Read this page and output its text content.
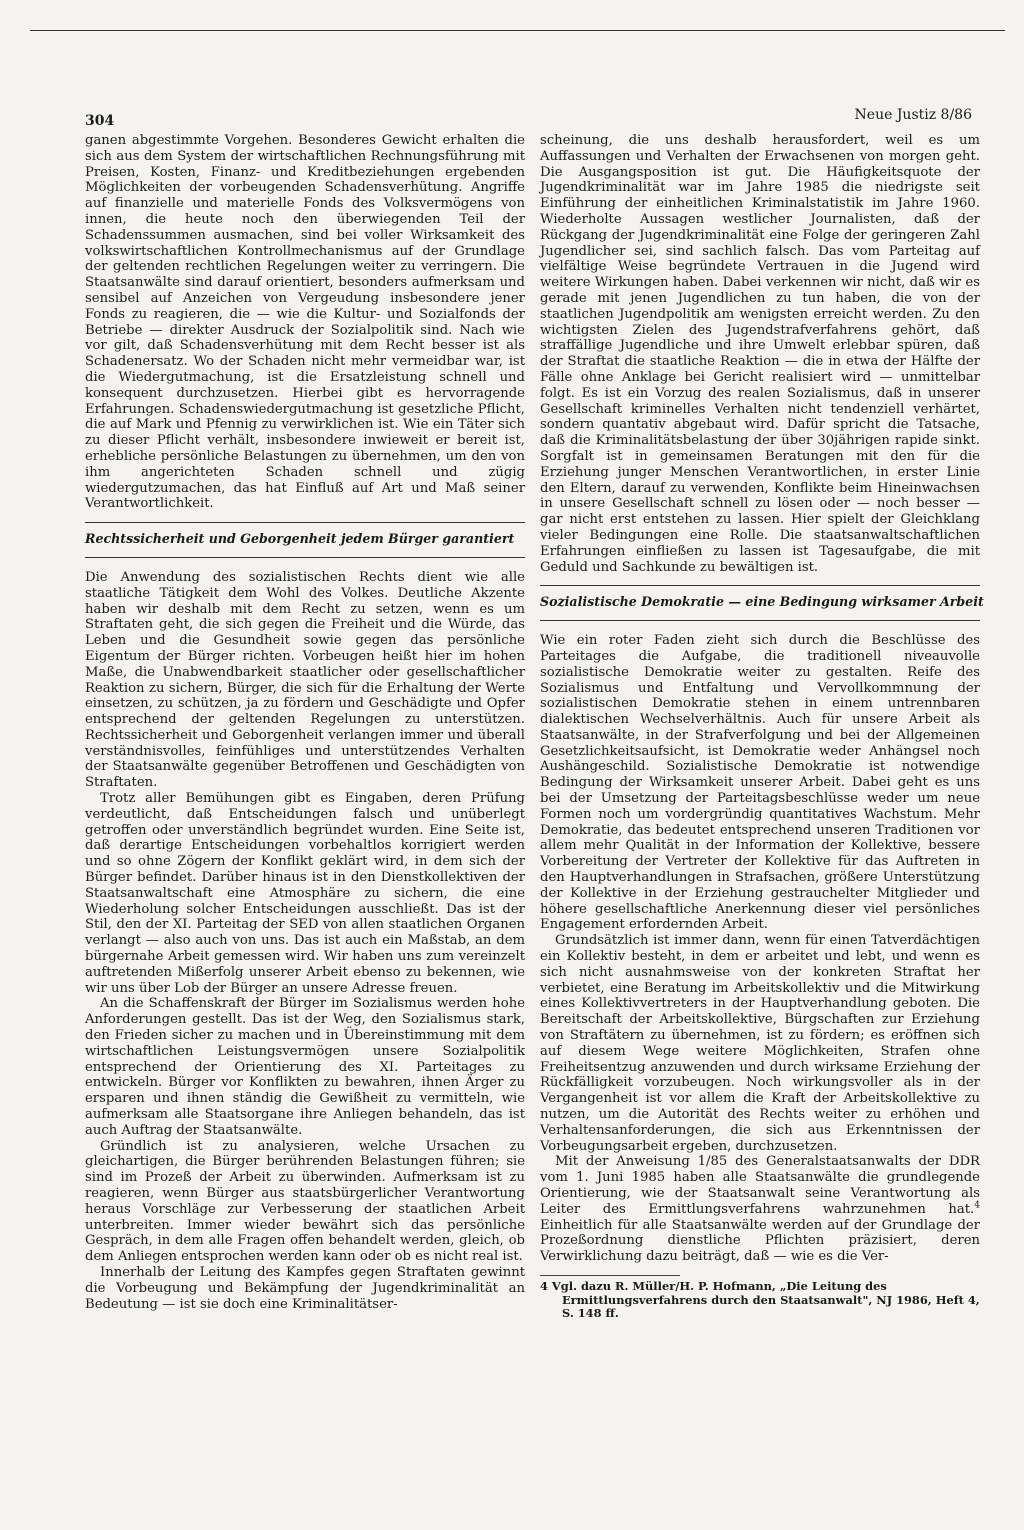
304	Neue Justiz 8/86

ganen abgestimmte Vorgehen. Besonderes Gewicht erhalten die sich aus dem System der wirtschaftlichen Rechnungsführung mit Preisen, Kosten, Finanz- und Kreditbeziehungen ergebenden Möglichkeiten der vorbeugenden Schadensverhütung. Angriffe auf finanzielle und materielle Fonds des Volksvermögens von innen, die heute noch den überwiegenden Teil der Schadenssummen ausmachen, sind bei voller Wirksamkeit des volkswirtschaftlichen Kontrollmechanismus auf der Grundlage der geltenden rechtlichen Regelungen weiter zu verringern. Die Staatsanwälte sind darauf orientiert, besonders aufmerksam und sensibel auf Anzeichen von Vergeudung insbesondere jener Fonds zu reagieren, die — wie die Kultur- und Sozialfonds der Betriebe — direkter Ausdruck der Sozialpolitik sind. Nach wie vor gilt, daß Schadensverhütung mit dem Recht besser ist als Schadenersatz. Wo der Schaden nicht mehr vermeidbar war, ist die Wiedergutmachung, ist die Ersatzleistung schnell und konsequent durchzusetzen. Hierbei gibt es hervorragende Erfahrungen. Schadenswiedergutmachung ist gesetzliche Pflicht, die auf Mark und Pfennig zu verwirklichen ist. Wie ein Täter sich zu dieser Pflicht verhält, insbesondere inwieweit er bereit ist, erhebliche persönliche Belastungen zu übernehmen, um den von ihm angerichteten Schaden schnell und zügig wiedergutzumachen, das hat Einfluß auf Art und Maß seiner Verantwortlichkeit.

Rechtssicherheit und Geborgenheit jedem Bürger garantiert

Die Anwendung des sozialistischen Rechts dient wie alle staatliche Tätigkeit dem Wohl des Volkes. Deutliche Akzente haben wir deshalb mit dem Recht zu setzen, wenn es um Straftaten geht, die sich gegen die Freiheit und die Würde, das Leben und die Gesundheit sowie gegen das persönliche Eigentum der Bürger richten. Vorbeugen heißt hier im hohen Maße, die Unabwendbarkeit staatlicher oder gesellschaftlicher Reaktion zu sichern, Bürger, die sich für die Erhaltung der Werte einsetzen, zu schützen, ja zu fördern und Geschädigte und Opfer entsprechend der geltenden Regelungen zu unterstützen. Rechtssicherheit und Geborgenheit verlangen immer und überall verständnisvolles, feinfühliges und unterstützendes Verhalten der Staatsanwälte gegenüber Betroffenen und Geschädigten von Straftaten.

Trotz aller Bemühungen gibt es Eingaben, deren Prüfung verdeutlicht, daß Entscheidungen falsch und unüberlegt getroffen oder unverständlich begründet wurden. Eine Seite ist, daß derartige Entscheidungen vorbehaltlos korrigiert werden und so ohne Zögern der Konflikt geklärt wird, in dem sich der Bürger befindet. Darüber hinaus ist in den Dienstkollektiven der Staatsanwaltschaft eine Atmosphäre zu sichern, die eine Wiederholung solcher Entscheidungen ausschließt. Das ist der Stil, den der XI. Parteitag der SED von allen staatlichen Organen verlangt — also auch von uns. Das ist auch ein Maßstab, an dem bürgernahe Arbeit gemessen wird. Wir haben uns zum vereinzelt auftretenden Mißerfolg unserer Arbeit ebenso zu bekennen, wie wir uns über Lob der Bürger an unsere Adresse freuen.

An die Schaffenskraft der Bürger im Sozialismus werden hohe Anforderungen gestellt. Das ist der Weg, den Sozialismus stark, den Frieden sicher zu machen und in Übereinstimmung mit dem wirtschaftlichen Leistungsvermögen unsere Sozialpolitik entsprechend der Orientierung des XI. Parteitages zu entwickeln. Bürger vor Konflikten zu bewahren, ihnen Ärger zu ersparen und ihnen ständig die Gewißheit zu vermitteln, wie aufmerksam alle Staatsorgane ihre Anliegen behandeln, das ist auch Auftrag der Staatsanwälte.

Gründlich ist zu analysieren, welche Ursachen zu gleichartigen, die Bürger berührenden Belastungen führen; sie sind im Prozeß der Arbeit zu überwinden. Aufmerksam ist zu reagieren, wenn Bürger aus staatsbürgerlicher Verantwortung heraus Vorschläge zur Verbesserung der staatlichen Arbeit unterbreiten. Immer wieder bewährt sich das persönliche Gespräch, in dem alle Fragen offen behandelt werden, gleich, ob dem Anliegen entsprochen werden kann oder ob es nicht real ist.

Innerhalb der Leitung des Kampfes gegen Straftaten gewinnt die Vorbeugung und Bekämpfung der Jugendkriminalität an Bedeutung — ist sie doch eine Kriminalitätser-

scheinung, die uns deshalb herausfordert, weil es um Auffassungen und Verhalten der Erwachsenen von morgen geht. Die Ausgangsposition ist gut. Die Häufigkeitsquote der Jugendkriminalität war im Jahre 1985 die niedrigste seit Einführung der einheitlichen Kriminalstatistik im Jahre 1960. Wiederholte Aussagen westlicher Journalisten, daß der Rückgang der Jugendkriminalität eine Folge der geringeren Zahl Jugendlicher sei, sind sachlich falsch. Das vom Parteitag auf vielfältige Weise begründete Vertrauen in die Jugend wird weitere Wirkungen haben. Dabei verkennen wir nicht, daß wir es gerade mit jenen Jugendlichen zu tun haben, die von der staatlichen Jugendpolitik am wenigsten erreicht werden. Zu den wichtigsten Zielen des Jugendstrafverfahrens gehört, daß straffällige Jugendliche und ihre Umwelt erlebbar spüren, daß der Straftat die staatliche Reaktion — die in etwa der Hälfte der Fälle ohne Anklage bei Gericht realisiert wird — unmittelbar folgt. Es ist ein Vorzug des realen Sozialismus, daß in unserer Gesellschaft kriminelles Verhalten nicht tendenziell verhärtet, sondern quantativ abgebaut wird. Dafür spricht die Tatsache, daß die Kriminalitätsbelastung der über 30jährigen rapide sinkt. Sorgfalt ist in gemeinsamen Beratungen mit den für die Erziehung junger Menschen Verantwortlichen, in erster Linie den Eltern, darauf zu verwenden, Konflikte beim Hineinwachsen in unsere Gesellschaft schnell zu lösen oder — noch besser — gar nicht erst entstehen zu lassen. Hier spielt der Gleichklang vieler Bedingungen eine Rolle. Die staatsanwaltschaftlichen Erfahrungen einfließen zu lassen ist Tagesaufgabe, die mit Geduld und Sachkunde zu bewältigen ist.

Sozialistische Demokratie — eine Bedingung wirksamer Arbeit

Wie ein roter Faden zieht sich durch die Beschlüsse des Parteitages die Aufgabe, die traditionell niveauvolle sozialistische Demokratie weiter zu gestalten. Reife des Sozialismus und Entfaltung und Vervollkommnung der sozialistischen Demokratie stehen in einem untrennbaren dialektischen Wechselverhältnis. Auch für unsere Arbeit als Staatsanwälte, in der Strafverfolgung und bei der Allgemeinen Gesetzlichkeitsaufsicht, ist Demokratie weder Anhängsel noch Aushängeschild. Sozialistische Demokratie ist notwendige Bedingung der Wirksamkeit unserer Arbeit. Dabei geht es uns bei der Umsetzung der Parteitagsbeschlüsse weder um neue Formen noch um vordergründig quantitatives Wachstum. Mehr Demokratie, das bedeutet entsprechend unseren Traditionen vor allem mehr Qualität in der Information der Kollektive, bessere Vorbereitung der Vertreter der Kollektive für das Auftreten in den Hauptverhandlungen in Strafsachen, größere Unterstützung der Kollektive in der Erziehung gestrauchelter Mitglieder und höhere gesellschaftliche Anerkennung dieser viel persönliches Engagement erfordernden Arbeit.

Grundsätzlich ist immer dann, wenn für einen Tatverdächtigen ein Kollektiv besteht, in dem er arbeitet und lebt, und wenn es sich nicht ausnahmsweise von der konkreten Straftat her verbietet, eine Beratung im Arbeitskollektiv und die Mitwirkung eines Kollektivvertreters in der Hauptverhandlung geboten. Die Bereitschaft der Arbeitskollektive, Bürgschaften zur Erziehung von Straftätern zu übernehmen, ist zu fördern; es eröffnen sich auf diesem Wege weitere Möglichkeiten, Strafen ohne Freiheitsentzug anzuwenden und durch wirksame Erziehung der Rückfälligkeit vorzubeugen. Noch wirkungsvoller als in der Vergangenheit ist vor allem die Kraft der Arbeitskollektive zu nutzen, um die Autorität des Rechts weiter zu erhöhen und Verhaltensanforderungen, die sich aus Erkenntnissen der Vorbeugungsarbeit ergeben, durchzusetzen.

Mit der Anweisung 1/85 des Generalstaatsanwalts der DDR vom 1. Juni 1985 haben alle Staatsanwälte die grundlegende Orientierung, wie der Staatsanwalt seine Verantwortung als Leiter des Ermittlungsverfahrens wahrzunehmen hat.$^4$ Einheitlich für alle Staatsanwälte werden auf der Grundlage der Prozeßordnung dienstliche Pflichten präzisiert, deren Verwirklichung dazu beiträgt, daß — wie es die Ver-

4 Vgl. dazu R. Müller/H. P. Hofmann, „Die Leitung des Ermittlungsverfahrens durch den Staatsanwalt", NJ 1986, Heft 4, S. 148 ff.
